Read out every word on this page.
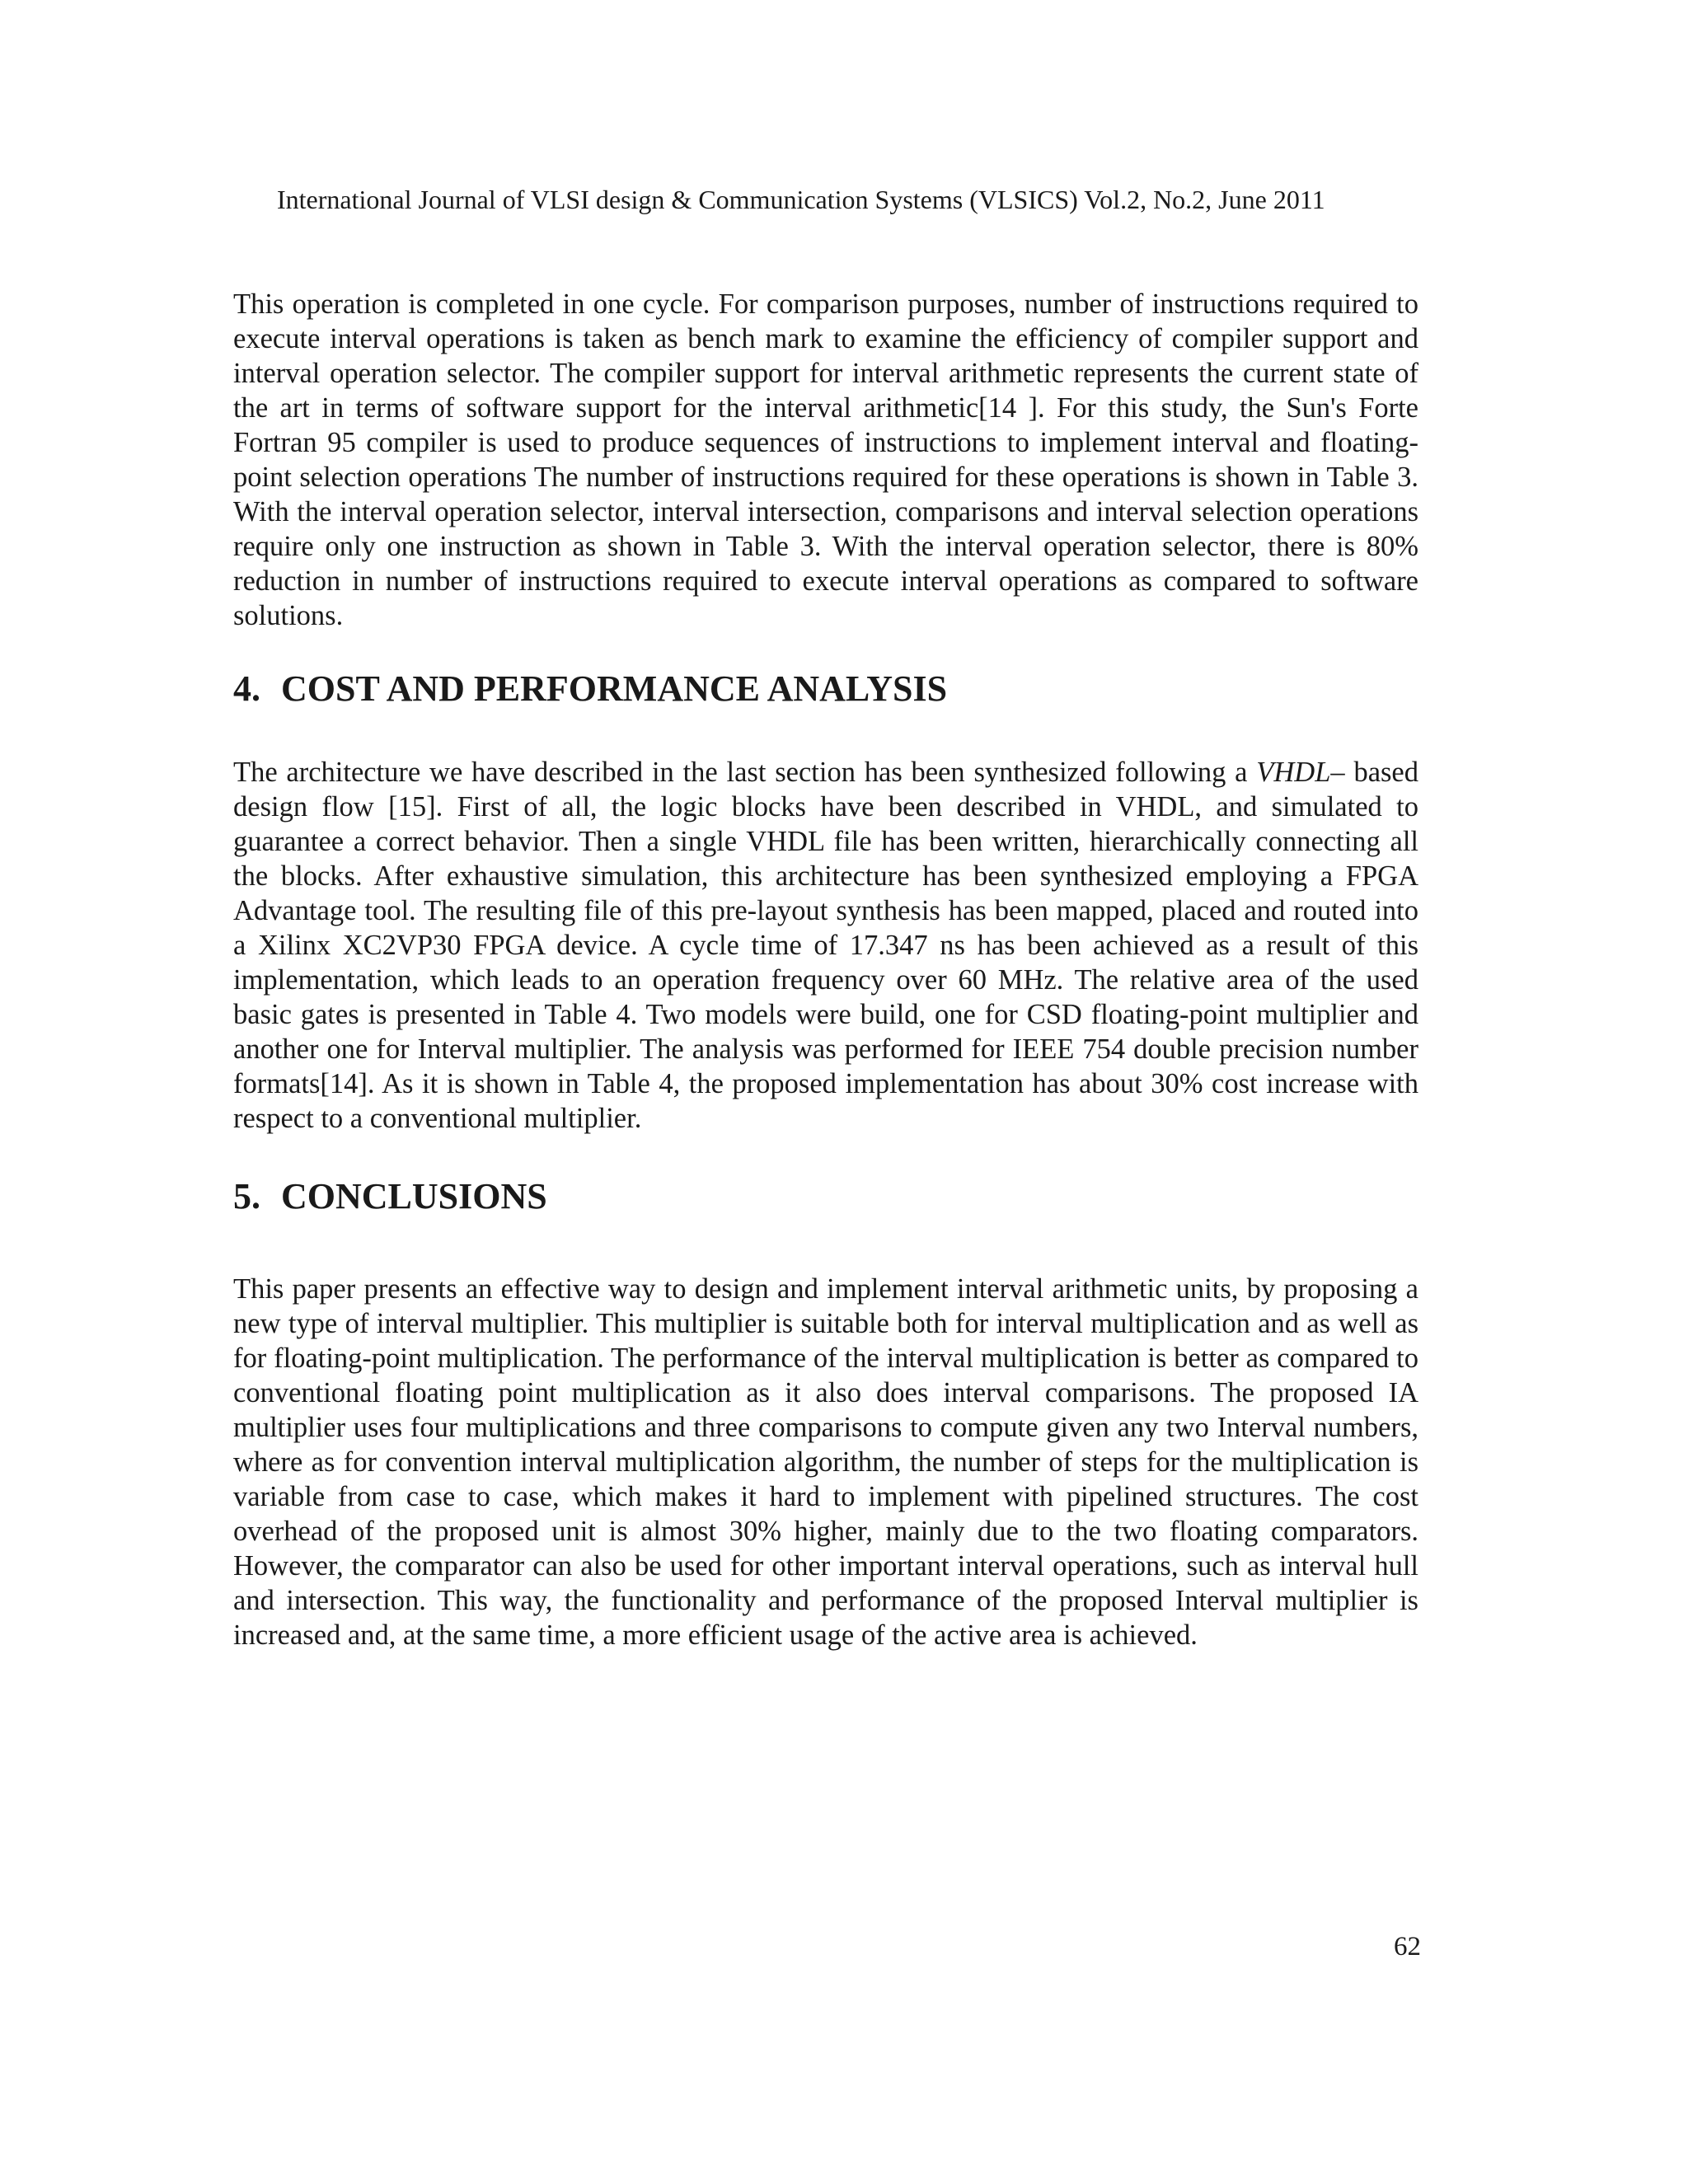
International Journal of VLSI design & Communication Systems (VLSICS) Vol.2, No.2, June 2011

This operation is completed in one cycle. For comparison purposes, number of instructions required to execute interval operations is taken as bench mark to examine the efficiency of compiler support and interval operation selector. The compiler support for interval arithmetic represents the current state of the art in terms of software support for the interval arithmetic[14 ]. For this study, the Sun's Forte Fortran 95 compiler is used to produce sequences of instructions to implement interval and floating-point selection operations The number of instructions required for these operations is shown in Table 3. With the interval operation selector, interval intersection, comparisons and interval selection operations require only one instruction as shown in Table 3. With the interval operation selector, there is 80% reduction in number of instructions required to execute interval operations as compared to software solutions.

4. COST AND PERFORMANCE ANALYSIS

The architecture we have described in the last section has been synthesized following a VHDL– based design flow [15]. First of all, the logic blocks have been described in VHDL, and simulated to guarantee a correct behavior. Then a single VHDL file has been written, hierarchically connecting all the blocks. After exhaustive simulation, this architecture has been synthesized employing a FPGA Advantage tool. The resulting file of this pre-layout synthesis has been mapped, placed and routed into a Xilinx XC2VP30 FPGA device. A cycle time of 17.347 ns has been achieved as a result of this implementation, which leads to an operation frequency over 60 MHz. The relative area of the used basic gates is presented in Table 4. Two models were build, one for CSD floating-point multiplier and another one for Interval multiplier. The analysis was performed for IEEE 754 double precision number formats[14]. As it is shown in Table 4, the proposed implementation has about 30% cost increase with respect to a conventional multiplier.

5. CONCLUSIONS

This paper presents an effective way to design and implement interval arithmetic units, by proposing a new type of interval multiplier. This multiplier is suitable both for interval multiplication and as well as for floating-point multiplication. The performance of the interval multiplication is better as compared to conventional floating point multiplication as it also does interval comparisons. The proposed IA multiplier uses four multiplications and three comparisons to compute given any two Interval numbers, where as for convention interval multiplication algorithm, the number of steps for the multiplication is variable from case to case, which makes it hard to implement with pipelined structures. The cost overhead of the proposed unit is almost 30% higher, mainly due to the two floating comparators. However, the comparator can also be used for other important interval operations, such as interval hull and intersection. This way, the functionality and performance of the proposed Interval multiplier is increased and, at the same time, a more efficient usage of the active area is achieved.

62
